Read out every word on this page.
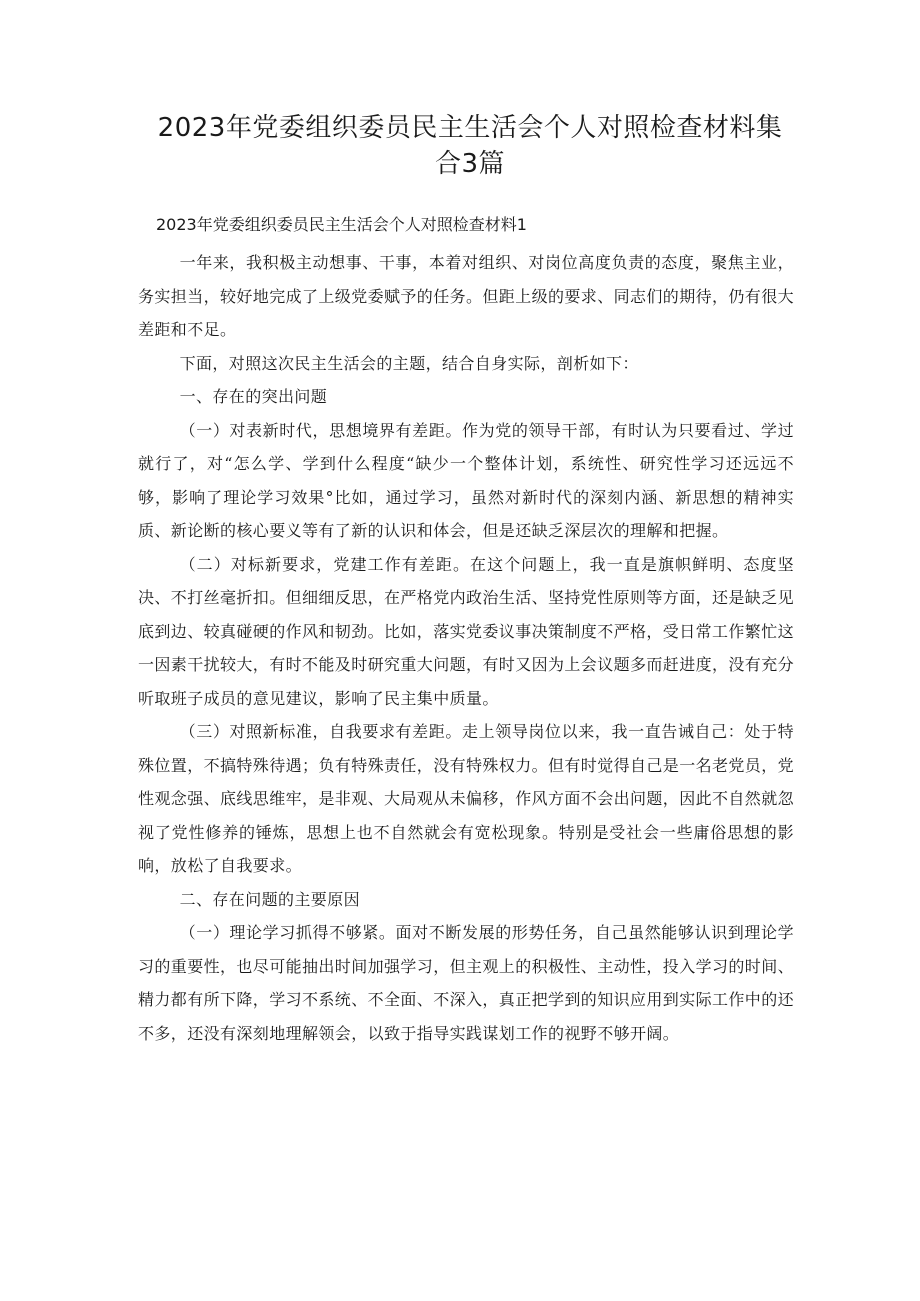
2023年党委组织委员民主生活会个人对照检查材料集
合3篇

2023年党委组织委员民主生活会个人对照检查材料1

一年来，我积极主动想事、干事，本着对组织、对岗位高度负责的态度，聚焦主业，务实担当，较好地完成了上级党委赋予的任务。但距上级的要求、同志们的期待，仍有很大差距和不足。

下面，对照这次民主生活会的主题，结合自身实际，剖析如下：

一、存在的突出问题

（一）对表新时代，思想境界有差距。作为党的领导干部，有时认为只要看过、学过就行了，对“怎么学、学到什么程度“缺少一个整体计划，系统性、研究性学习还远远不够，影响了理论学习效果°比如，通过学习，虽然对新时代的深刻内涵、新思想的精神实质、新论断的核心要义等有了新的认识和体会，但是还缺乏深层次的理解和把握。

（二）对标新要求，党建工作有差距。在这个问题上，我一直是旗帜鲜明、态度坚决、不打丝毫折扣。但细细反思，在严格党内政治生活、坚持党性原则等方面，还是缺乏见底到边、较真碰硬的作风和韧劲。比如，落实党委议事决策制度不严格，受日常工作繁忙这一因素干扰较大，有时不能及时研究重大问题，有时又因为上会议题多而赶进度，没有充分听取班子成员的意见建议，影响了民主集中质量。

（三）对照新标准，自我要求有差距。走上领导岗位以来，我一直告诫自己：处于特殊位置，不搞特殊待遇；负有特殊责任，没有特殊权力。但有时觉得自己是一名老党员，党性观念强、底线思维牢，是非观、大局观从未偏移，作风方面不会出问题，因此不自然就忽视了党性修养的锤炼，思想上也不自然就会有宽松现象。特别是受社会一些庸俗思想的影响，放松了自我要求。

二、存在问题的主要原因

（一）理论学习抓得不够紧。面对不断发展的形势任务，自己虽然能够认识到理论学习的重要性，也尽可能抽出时间加强学习，但主观上的积极性、主动性，投入学习的时间、精力都有所下降，学习不系统、不全面、不深入，真正把学到的知识应用到实际工作中的还不多，还没有深刻地理解领会，以致于指导实践谋划工作的视野不够开阔。
